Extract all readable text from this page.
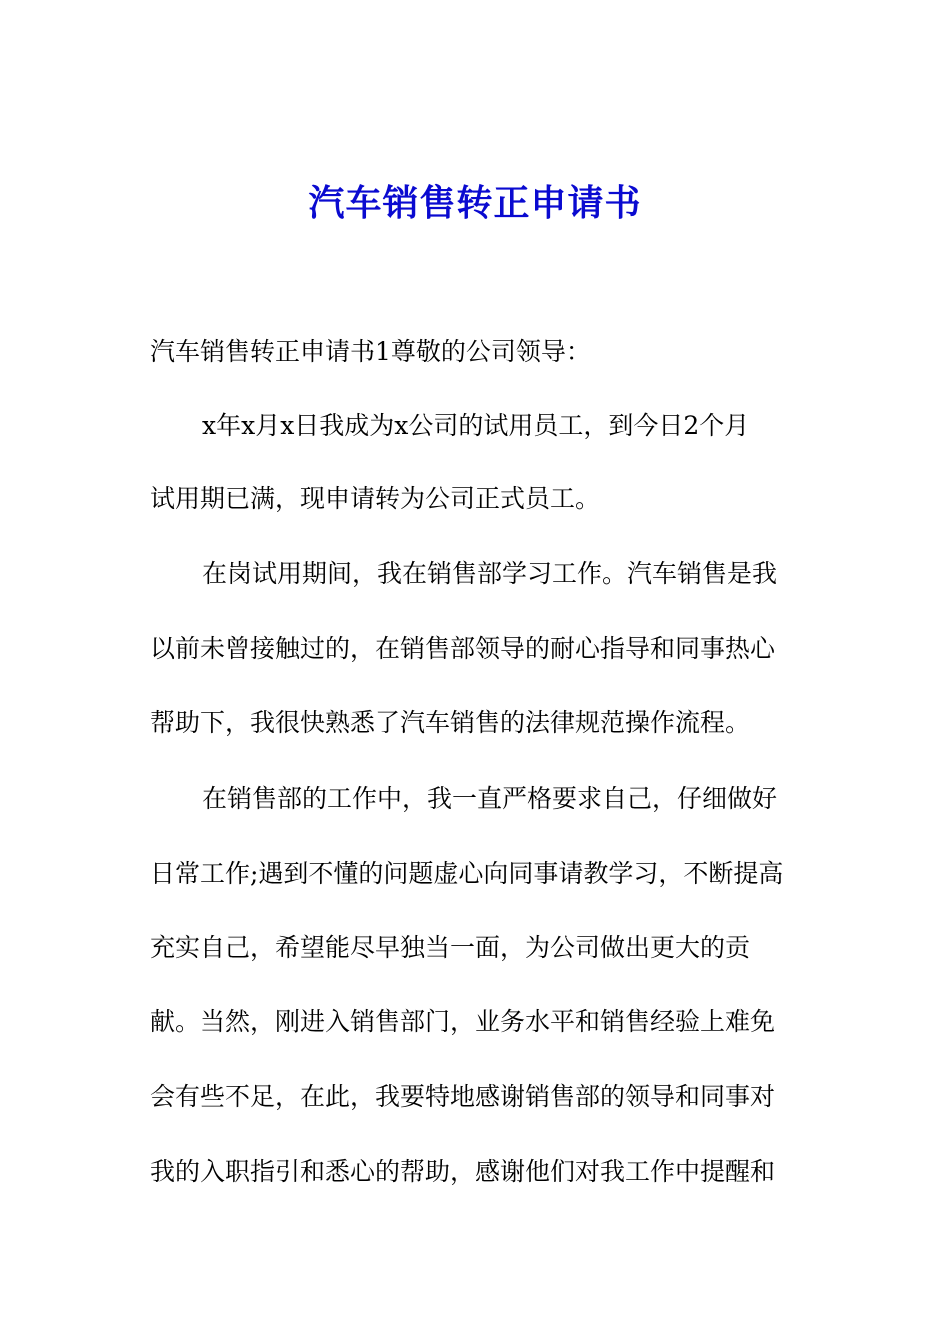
汽车销售转正申请书
汽车销售转正申请书1尊敬的公司领导：
x年x月x日我成为x公司的试用员工，到今日2个月
试用期已满，现申请转为公司正式员工。
在岗试用期间，我在销售部学习工作。汽车销售是我
以前未曾接触过的，在销售部领导的耐心指导和同事热心
帮助下，我很快熟悉了汽车销售的法律规范操作流程。
在销售部的工作中，我一直严格要求自己，仔细做好
日常工作;遇到不懂的问题虚心向同事请教学习，不断提高
充实自己，希望能尽早独当一面，为公司做出更大的贡
献。当然，刚进入销售部门，业务水平和销售经验上难免
会有些不足，在此，我要特地感谢销售部的领导和同事对
我的入职指引和悉心的帮助，感谢他们对我工作中提醒和
